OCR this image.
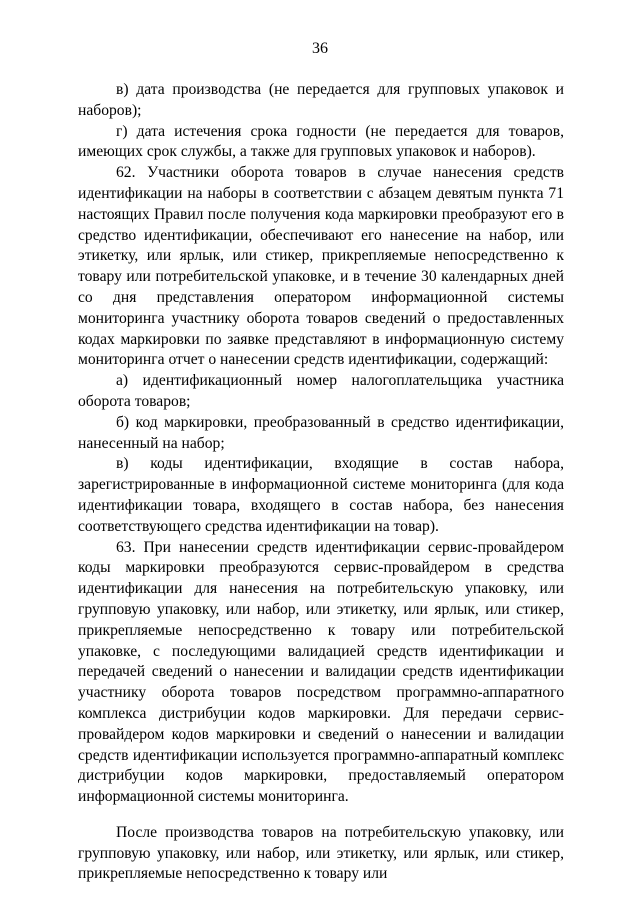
36

в) дата производства (не передается для групповых упаковок и наборов);

г) дата истечения срока годности (не передается для товаров, имеющих срок службы, а также для групповых упаковок и наборов).

62. Участники оборота товаров в случае нанесения средств идентификации на наборы в соответствии с абзацем девятым пункта 71 настоящих Правил после получения кода маркировки преобразуют его в средство идентификации, обеспечивают его нанесение на набор, или этикетку, или ярлык, или стикер, прикрепляемые непосредственно к товару или потребительской упаковке, и в течение 30 календарных дней со дня представления оператором информационной системы мониторинга участнику оборота товаров сведений о предоставленных кодах маркировки по заявке представляют в информационную систему мониторинга отчет о нанесении средств идентификации, содержащий:

а) идентификационный номер налогоплательщика участника оборота товаров;

б) код маркировки, преобразованный в средство идентификации, нанесенный на набор;

в) коды идентификации, входящие в состав набора, зарегистрированные в информационной системе мониторинга (для кода идентификации товара, входящего в состав набора, без нанесения соответствующего средства идентификации на товар).

63. При нанесении средств идентификации сервис-провайдером коды маркировки преобразуются сервис-провайдером в средства идентификации для нанесения на потребительскую упаковку, или групповую упаковку, или набор, или этикетку, или ярлык, или стикер, прикрепляемые непосредственно к товару или потребительской упаковке, с последующими валидацией средств идентификации и передачей сведений о нанесении и валидации средств идентификации участнику оборота товаров посредством программно-аппаратного комплекса дистрибуции кодов маркировки. Для передачи сервис-провайдером кодов маркировки и сведений о нанесении и валидации средств идентификации используется программно-аппаратный комплекс дистрибуции кодов маркировки, предоставляемый оператором информационной системы мониторинга.

После производства товаров на потребительскую упаковку, или групповую упаковку, или набор, или этикетку, или ярлык, или стикер, прикрепляемые непосредственно к товару или
